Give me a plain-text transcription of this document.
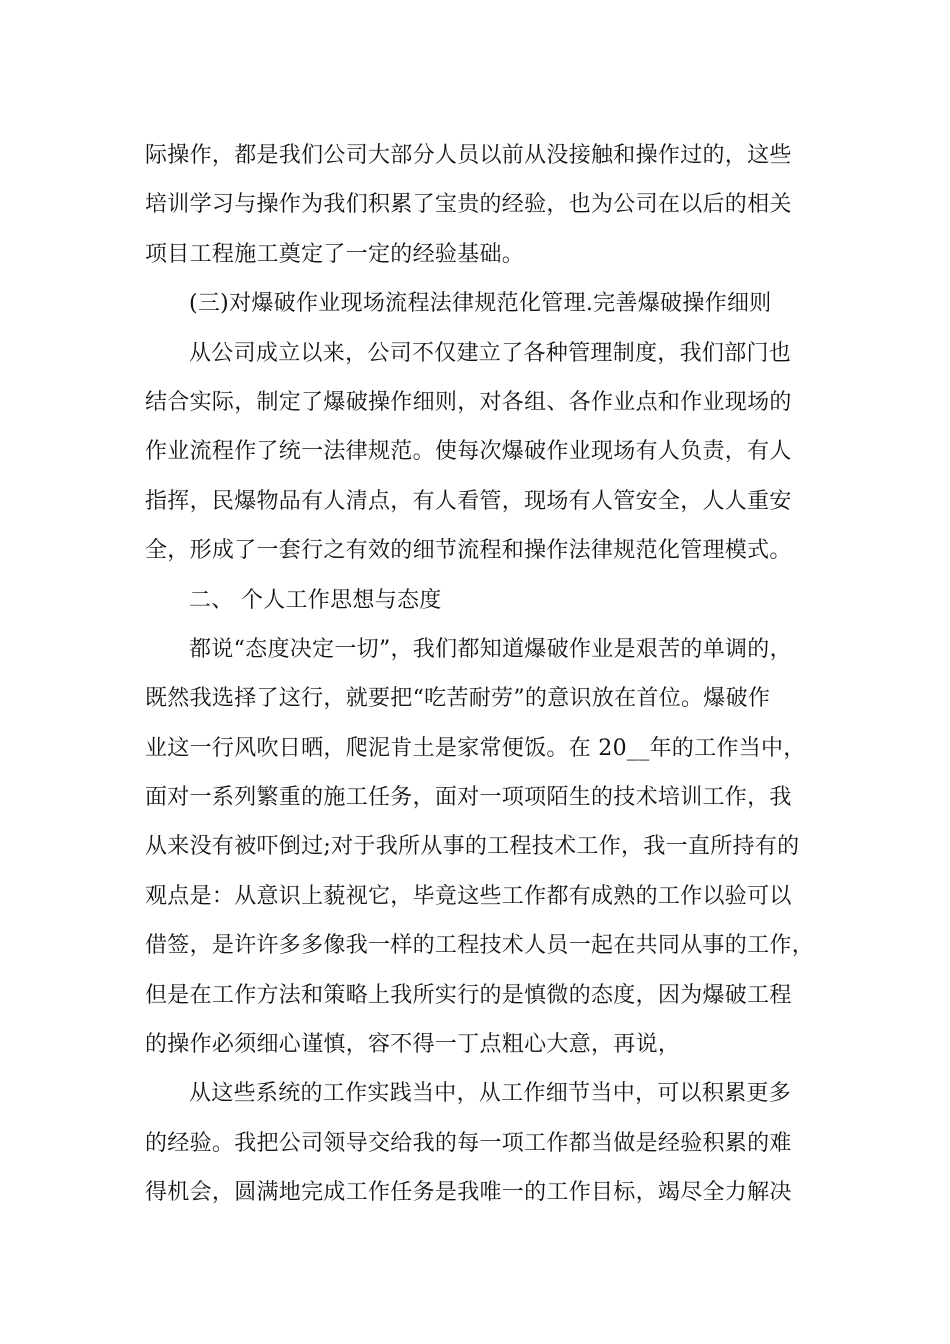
际操作，都是我们公司大部分人员以前从没接触和操作过的，这些
培训学习与操作为我们积累了宝贵的经验，也为公司在以后的相关
项目工程施工奠定了一定的经验基础。
(三)对爆破作业现场流程法律规范化管理.完善爆破操作细则
从公司成立以来，公司不仅建立了各种管理制度，我们部门也
结合实际，制定了爆破操作细则，对各组、各作业点和作业现场的
作业流程作了统一法律规范。使每次爆破作业现场有人负责，有人
指挥，民爆物品有人清点，有人看管，现场有人管安全，人人重安
全，形成了一套行之有效的细节流程和操作法律规范化管理模式。
二、 个人工作思想与态度
都说“态度决定一切”，我们都知道爆破作业是艰苦的单调的，
既然我选择了这行，就要把“吃苦耐劳”的意识放在首位。爆破作
业这一行风吹日晒，爬泥肯土是家常便饭。在 20__年的工作当中，
面对一系列繁重的施工任务，面对一项项陌生的技术培训工作，我
从来没有被吓倒过;对于我所从事的工程技术工作，我一直所持有的
观点是：从意识上藐视它，毕竟这些工作都有成熟的工作以验可以
借签，是许许多多像我一样的工程技术人员一起在共同从事的工作，
但是在工作方法和策略上我所实行的是慎微的态度，因为爆破工程
的操作必须细心谨慎，容不得一丁点粗心大意，再说，
从这些系统的工作实践当中，从工作细节当中，可以积累更多
的经验。我把公司领导交给我的每一项工作都当做是经验积累的难
得机会，圆满地完成工作任务是我唯一的工作目标，竭尽全力解决
